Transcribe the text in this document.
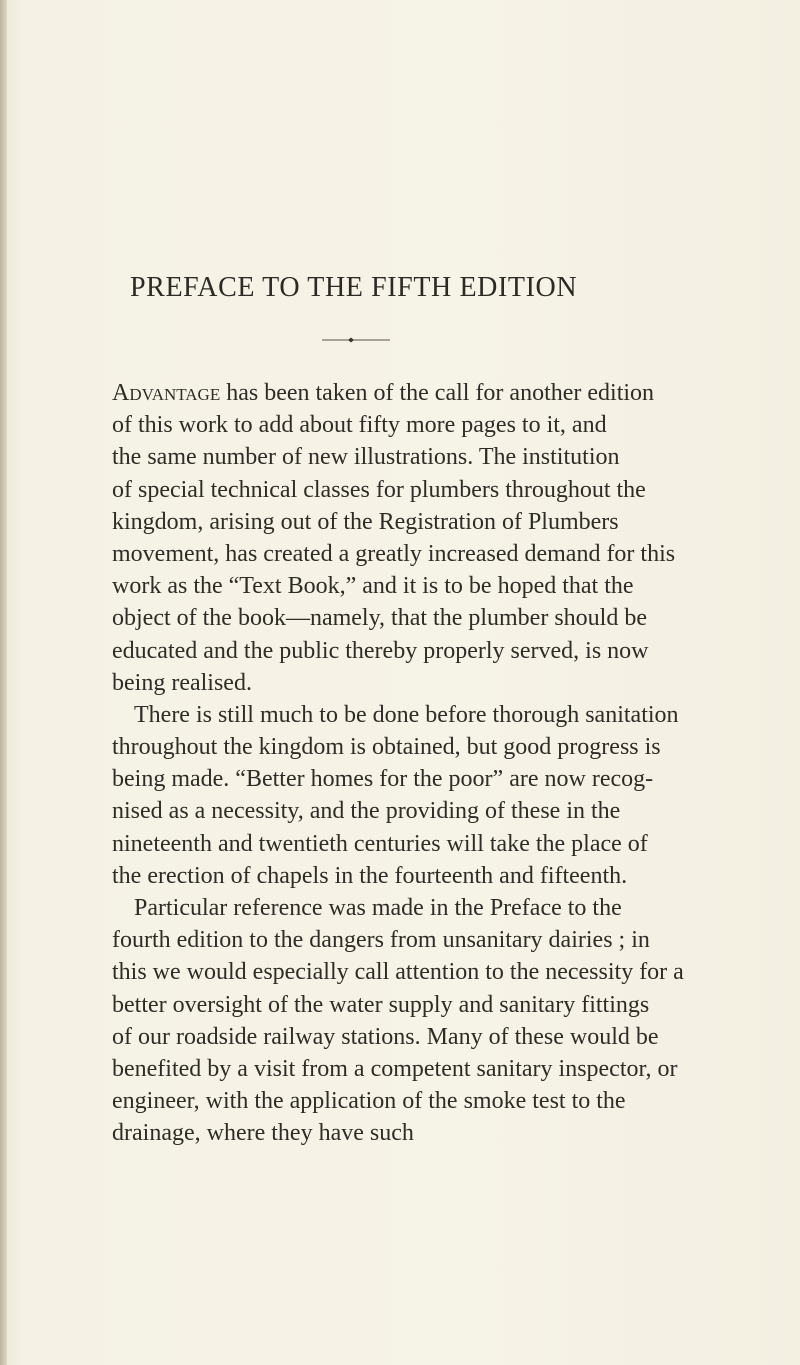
PREFACE TO THE FIFTH EDITION
Advantage has been taken of the call for another edition
of this work to add about fifty more pages to it, and
the same number of new illustrations. The institution
of special technical classes for plumbers throughout the
kingdom, arising out of the Registration of Plumbers
movement, has created a greatly increased demand for this
work as the “Text Book,” and it is to be hoped that the
object of the book—namely, that the plumber should be
educated and the public thereby properly served, is now
being realised.
There is still much to be done before thorough sanitation
throughout the kingdom is obtained, but good progress is
being made. “Better homes for the poor” are now recog-
nised as a necessity, and the providing of these in the
nineteenth and twentieth centuries will take the place of
the erection of chapels in the fourteenth and fifteenth.
Particular reference was made in the Preface to the
fourth edition to the dangers from unsanitary dairies ; in
this we would especially call attention to the necessity for a
better oversight of the water supply and sanitary fittings
of our roadside railway stations. Many of these would be
benefited by a visit from a competent sanitary inspector, or
engineer, with the application of the smoke test to the
drainage, where they have such
